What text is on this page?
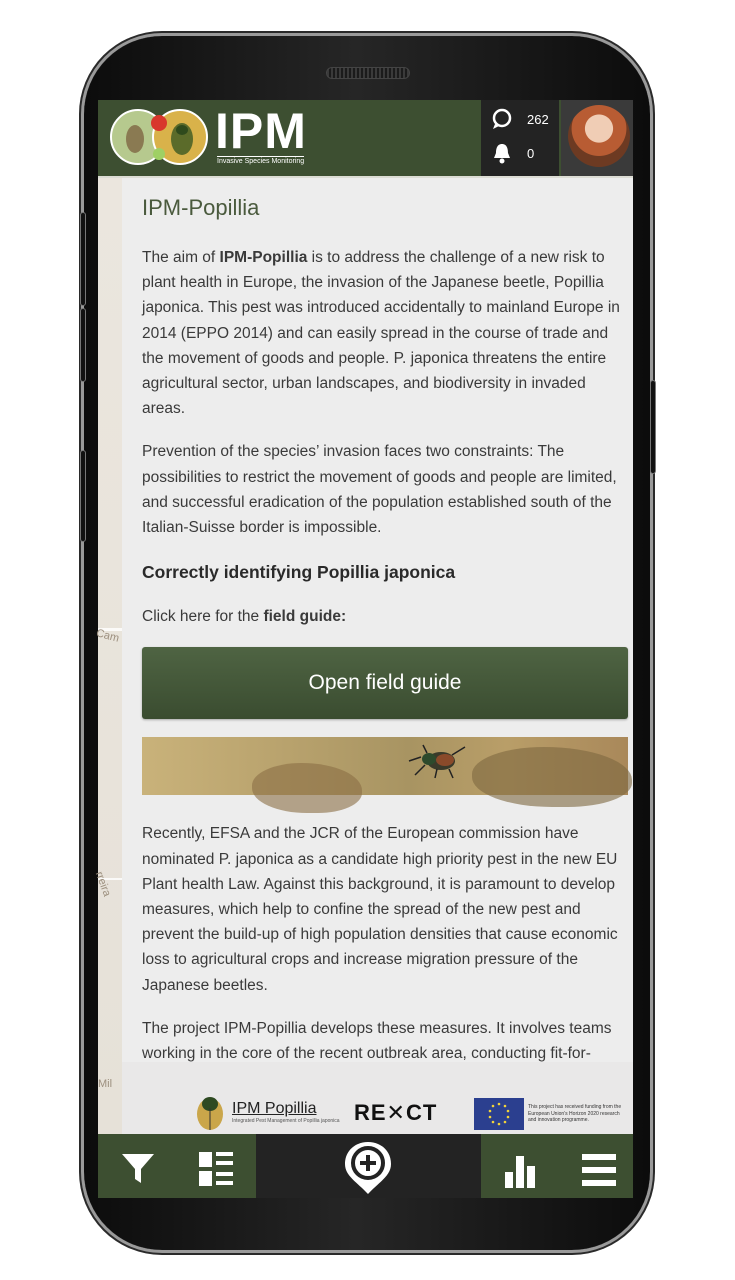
Cam
rreira
Mil
IPM
Invasive Species Monitoring
262
0
IPM-Popillia

The aim of IPM-Popillia is to address the challenge of a new risk to plant health in Europe, the invasion of the Japanese beetle, Popillia japonica. This pest was introduced accidentally to mainland Europe in 2014 (EPPO 2014) and can easily spread in the course of trade and the movement of goods and people. P. japonica threatens the entire agricultural sector, urban landscapes, and biodiversity in invaded areas.

Prevention of the species’ invasion faces two constraints: The possibilities to restrict the movement of goods and people are limited, and successful eradication of the population established south of the Italian-Suisse border is impossible.

Correctly identifying Popillia japonica

Click here for the field guide:

Open field guide

Recently, EFSA and the JCR of the European commission have nominated P. japonica as a candidate high priority pest in the new EU Plant health Law. Against this background, it is paramount to develop measures, which help to confine the spread of the new pest and prevent the build-up of high population densities that cause economic loss to agricultural crops and increase migration pressure of the Japanese beetles.

The project IPM-Popillia develops these measures. It involves teams working in the core of the recent outbreak area, conducting fit-for-

IPM Popillia
Integrated Pest Management of Popillia japonica RE✕CT	This project has received funding from the European Union’s Horizon 2020 research and innovation programme.
